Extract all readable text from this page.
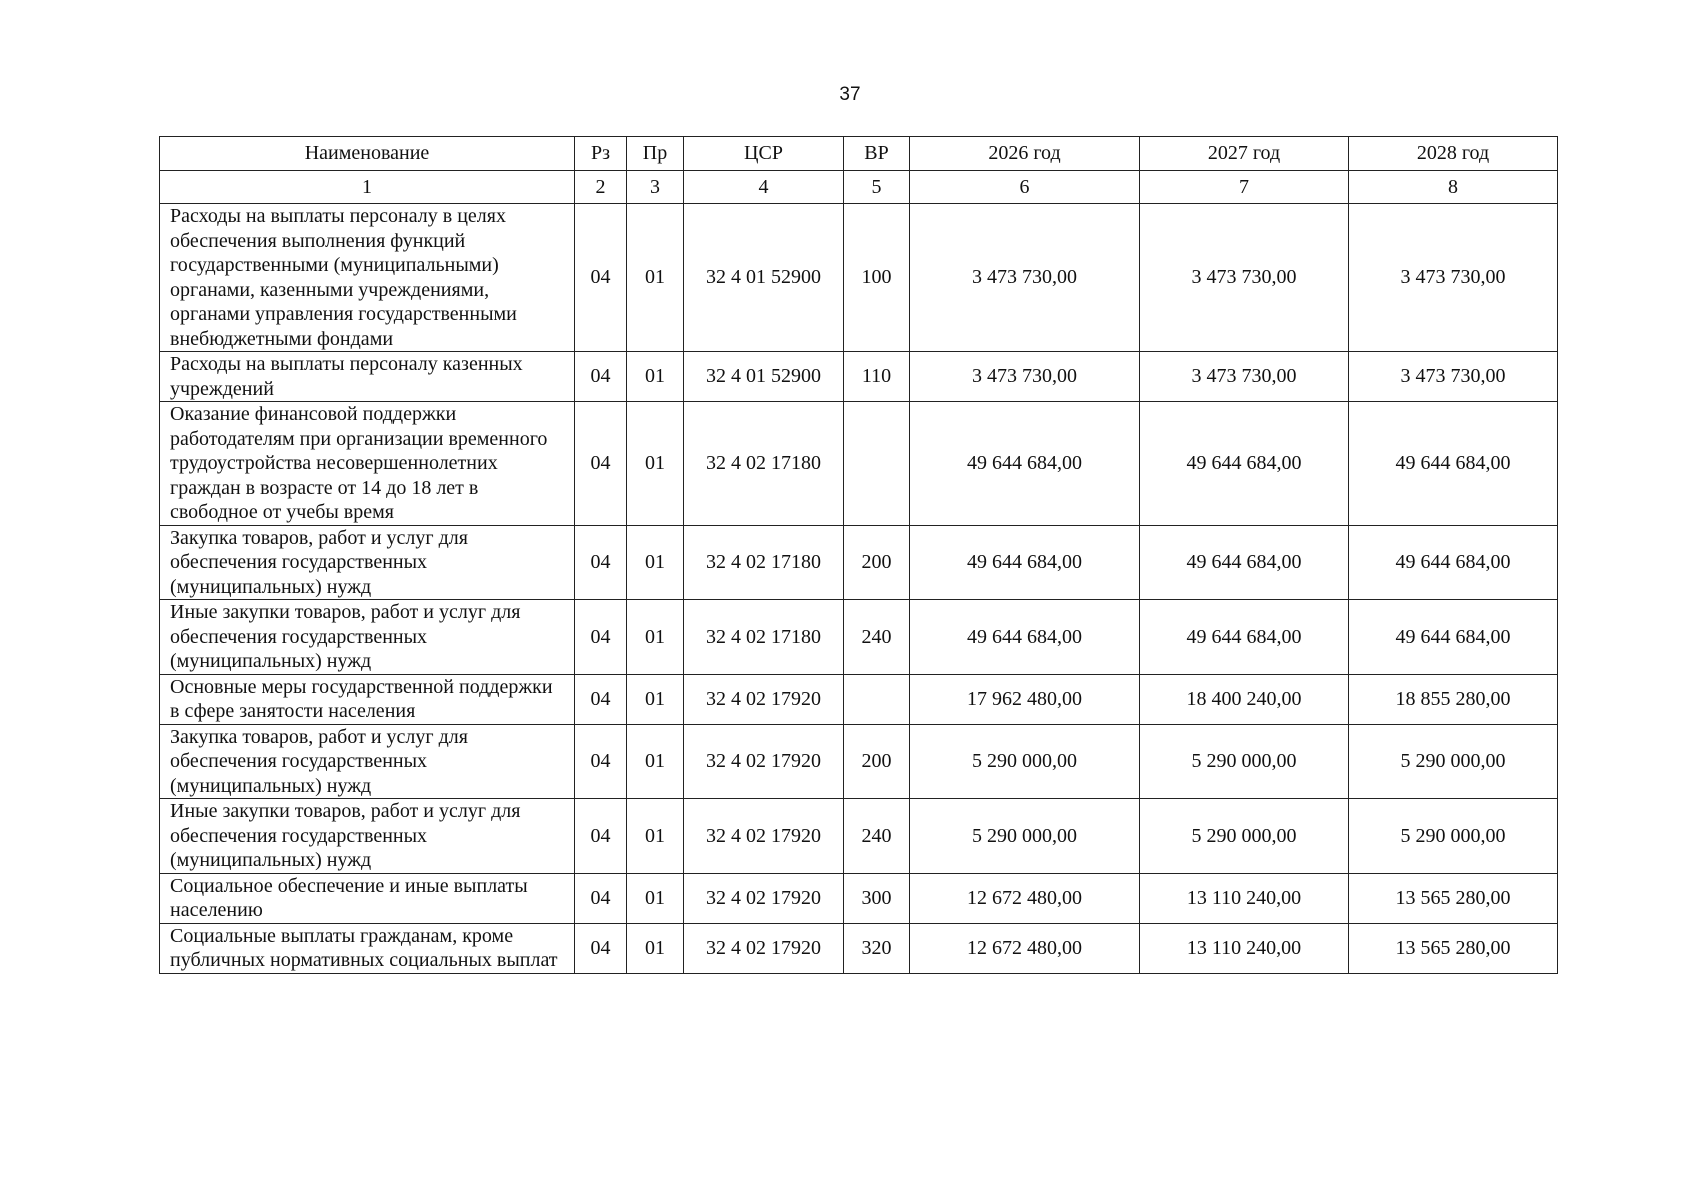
37
Наименование	Рз	Пр	ЦСР	ВР	2026 год	2027 год	2028 год
1	2	3	4	5	6	7	8
Расходы на выплаты персоналу в целях обеспечения выполнения функций государственными (муниципальными) органами, казенными учреждениями, органами управления государственными внебюджетными фондами	04	01	32 4 01 52900	100	3 473 730,00	3 473 730,00	3 473 730,00
Расходы на выплаты персоналу казенных учреждений	04	01	32 4 01 52900	110	3 473 730,00	3 473 730,00	3 473 730,00
Оказание финансовой поддержки работодателям при организации временного трудоустройства несовершеннолетних граждан в возрасте от 14 до 18 лет в свободное от учебы время	04	01	32 4 02 17180		49 644 684,00	49 644 684,00	49 644 684,00
Закупка товаров, работ и услуг для обеспечения государственных (муниципальных) нужд	04	01	32 4 02 17180	200	49 644 684,00	49 644 684,00	49 644 684,00
Иные закупки товаров, работ и услуг для обеспечения государственных (муниципальных) нужд	04	01	32 4 02 17180	240	49 644 684,00	49 644 684,00	49 644 684,00
Основные меры государственной поддержки в сфере занятости населения	04	01	32 4 02 17920		17 962 480,00	18 400 240,00	18 855 280,00
Закупка товаров, работ и услуг для обеспечения государственных (муниципальных) нужд	04	01	32 4 02 17920	200	5 290 000,00	5 290 000,00	5 290 000,00
Иные закупки товаров, работ и услуг для обеспечения государственных (муниципальных) нужд	04	01	32 4 02 17920	240	5 290 000,00	5 290 000,00	5 290 000,00
Социальное обеспечение и иные выплаты населению	04	01	32 4 02 17920	300	12 672 480,00	13 110 240,00	13 565 280,00
Социальные выплаты гражданам, кроме публичных нормативных социальных выплат	04	01	32 4 02 17920	320	12 672 480,00	13 110 240,00	13 565 280,00
